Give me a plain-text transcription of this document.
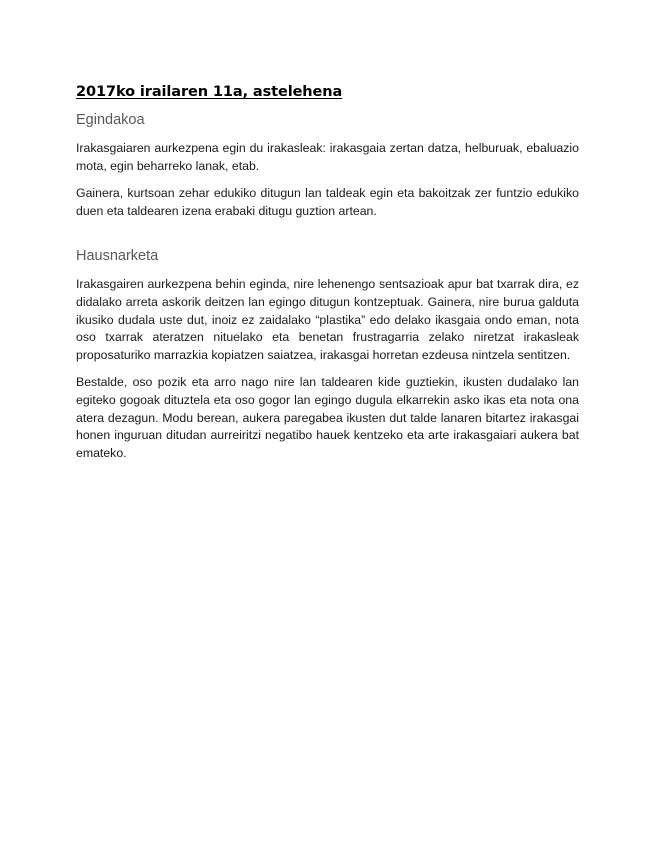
2017ko irailaren 11a, astelehena
Egindakoa

Irakasgaiaren aurkezpena egin du irakasleak: irakasgaia zertan datza, helburuak, ebaluazio mota, egin beharreko lanak, etab.

Gainera, kurtsoan zehar edukiko ditugun lan taldeak egin eta bakoitzak zer funtzio edukiko duen eta taldearen izena erabaki ditugu guztion artean.

Hausnarketa

Irakasgairen aurkezpena behin eginda, nire lehenengo sentsazioak apur bat txarrak dira, ez didalako arreta askorik deitzen lan egingo ditugun kontzeptuak. Gainera, nire burua galduta ikusiko dudala uste dut, inoiz ez zaidalako “plastika” edo delako ikasgaia ondo eman, nota oso txarrak ateratzen nituelako eta benetan frustragarria zelako niretzat irakasleak proposaturiko marrazkia kopiatzen saiatzea, irakasgai horretan ezdeusa nintzela sentitzen.

Bestalde, oso pozik eta arro nago nire lan taldearen kide guztiekin, ikusten dudalako lan egiteko gogoak dituztela eta oso gogor lan egingo dugula elkarrekin asko ikas eta nota ona atera dezagun. Modu berean, aukera paregabea ikusten dut talde lanaren bitartez irakasgai honen inguruan ditudan aurreiritzi negatibo hauek kentzeko eta arte irakasgaiari aukera bat emateko.
